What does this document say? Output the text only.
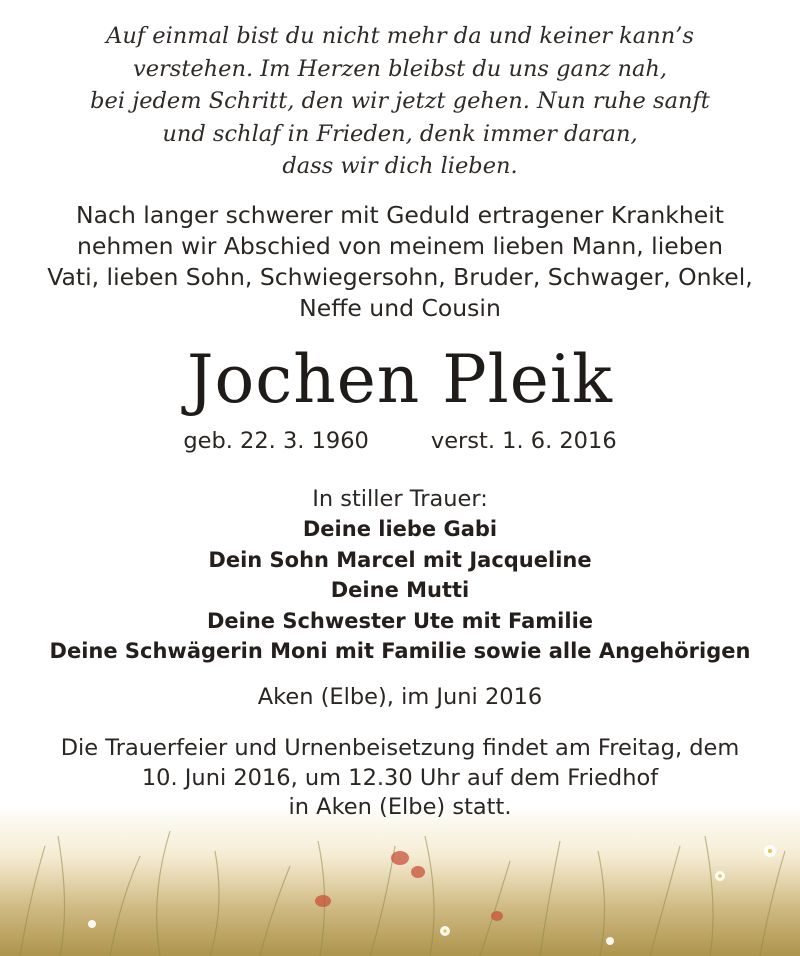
Auf einmal bist du nicht mehr da und keiner kann’s
verstehen. Im Herzen bleibst du uns ganz nah,
bei jedem Schritt, den wir jetzt gehen. Nun ruhe sanft
und schlaf in Frieden, denk immer daran,
dass wir dich lieben.
Nach langer schwerer mit Geduld ertragener Krankheit
nehmen wir Abschied von meinem lieben Mann, lieben
Vati, lieben Sohn, Schwiegersohn, Bruder, Schwager, Onkel,
Neffe und Cousin
Jochen Pleik
geb. 22. 3. 1960	verst. 1. 6. 2016
In stiller Trauer:
Deine liebe Gabi
Dein Sohn Marcel mit Jacqueline
Deine Mutti
Deine Schwester Ute mit Familie
Deine Schwägerin Moni mit Familie sowie alle Angehörigen
Aken (Elbe), im Juni 2016
Die Trauerfeier und Urnenbeisetzung findet am Freitag, dem
10. Juni 2016, um 12.30 Uhr auf dem Friedhof
in Aken (Elbe) statt.
